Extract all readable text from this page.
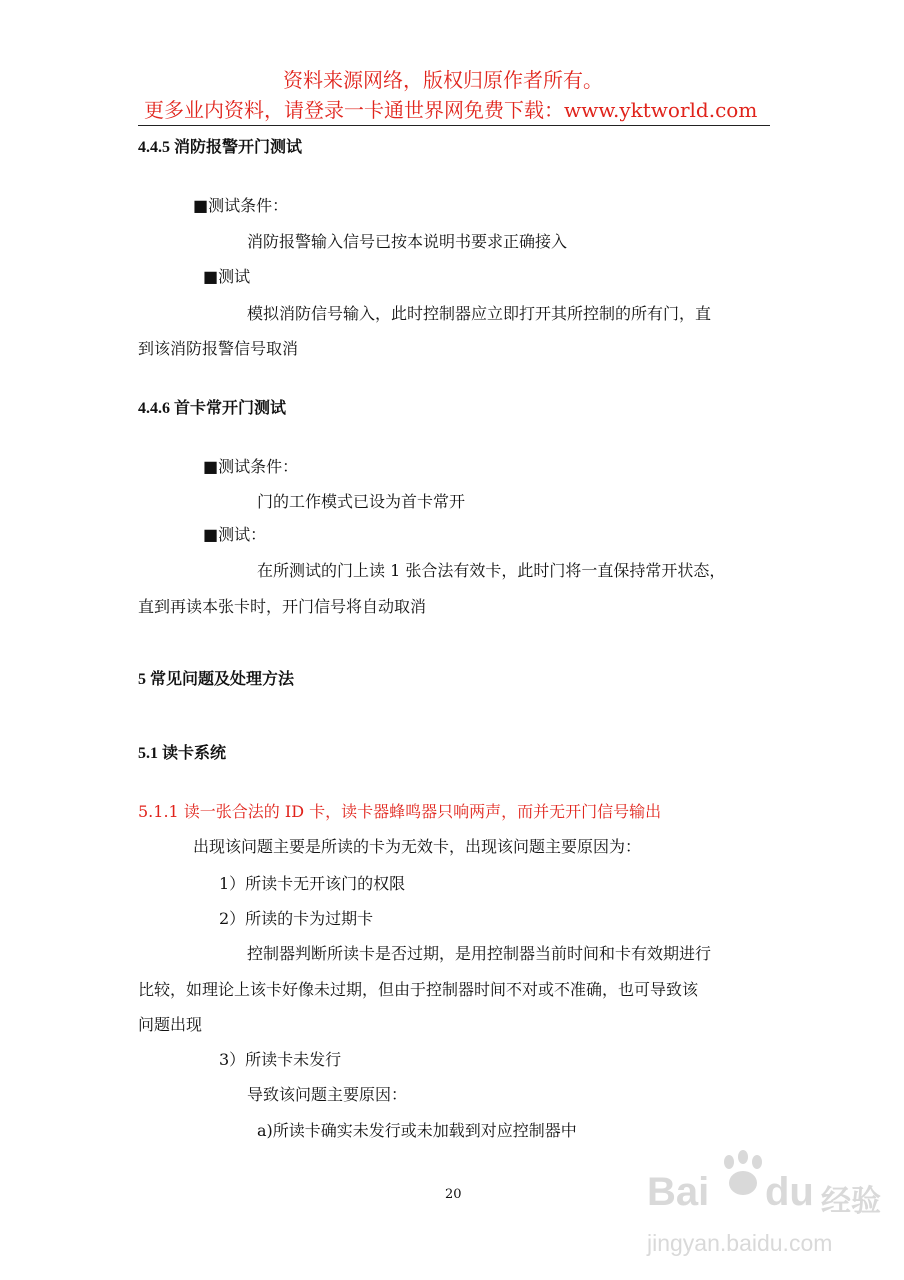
资料来源网络，版权归原作者所有。
更多业内资料，请登录一卡通世界网免费下载：www.yktworld.com
4.4.5 消防报警开门测试
■测试条件：
消防报警输入信号已按本说明书要求正确接入
■测试
模拟消防信号输入，此时控制器应立即打开其所控制的所有门，直
到该消防报警信号取消
4.4.6 首卡常开门测试
■测试条件：
门的工作模式已设为首卡常开
■测试：
在所测试的门上读 1 张合法有效卡，此时门将一直保持常开状态，
直到再读本张卡时，开门信号将自动取消
5 常见问题及处理方法
5.1 读卡系统
5.1.1 读一张合法的 ID 卡，读卡器蜂鸣器只响两声，而并无开门信号输出
出现该问题主要是所读的卡为无效卡，出现该问题主要原因为：
1）所读卡无开该门的权限
2）所读的卡为过期卡
控制器判断所读卡是否过期，是用控制器当前时间和卡有效期进行
比较，如理论上该卡好像未过期，但由于控制器时间不对或不准确，也可导致该
问题出现
3）所读卡未发行
导致该问题主要原因：
a)所读卡确实未发行或未加载到对应控制器中
20	Bai du 经验
jingyan.baidu.com
